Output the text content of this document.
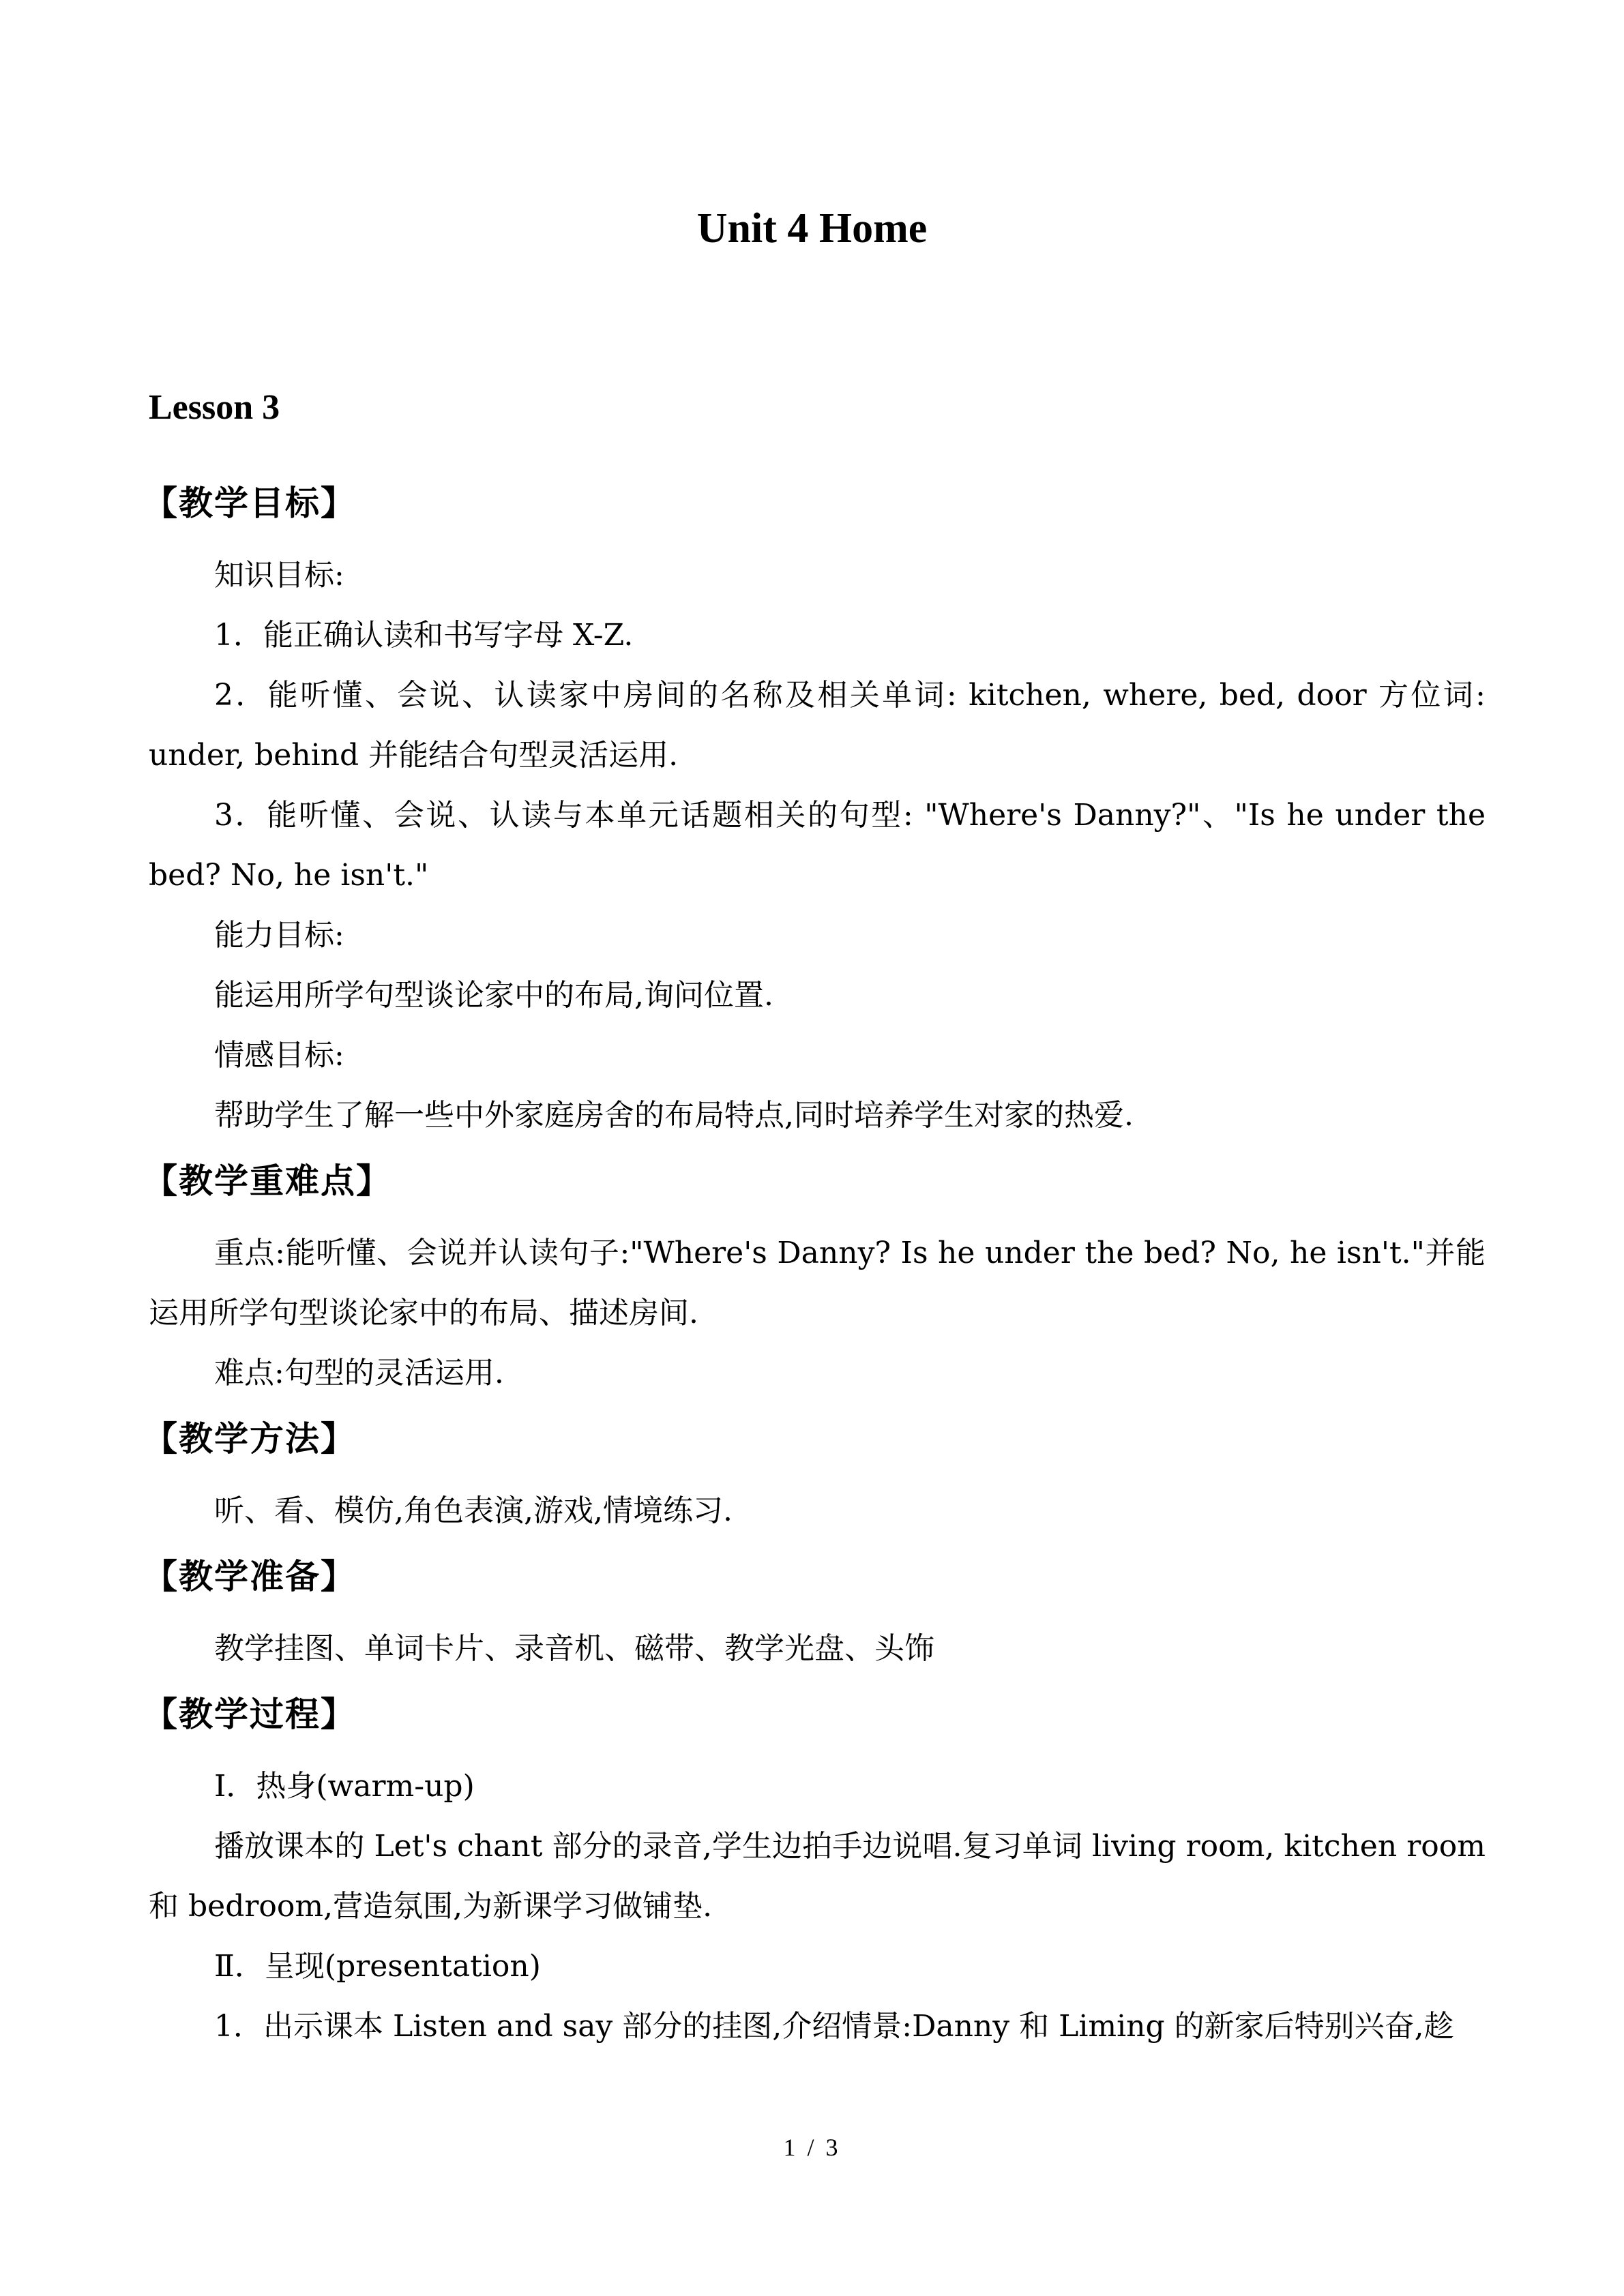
Unit 4 Home
Lesson 3
【教学目标】

知识目标:

1．能正确认读和书写字母 X-Z.

2．能听懂、会说、认读家中房间的名称及相关单词: kitchen, where, bed, door 方位词: under, behind 并能结合句型灵活运用.

3．能听懂、会说、认读与本单元话题相关的句型: "Where's Danny?"、"Is he under the bed? No, he isn't."

能力目标:

能运用所学句型谈论家中的布局,询问位置.

情感目标:

帮助学生了解一些中外家庭房舍的布局特点,同时培养学生对家的热爱.

【教学重难点】

重点:能听懂、会说并认读句子:"Where's Danny? Is he under the bed? No, he isn't."并能运用所学句型谈论家中的布局、描述房间.

难点:句型的灵活运用.

【教学方法】

听、看、模仿,角色表演,游戏,情境练习.

【教学准备】

教学挂图、单词卡片、录音机、磁带、教学光盘、头饰

【教学过程】

Ⅰ．热身(warm-up)

播放课本的 Let's chant 部分的录音,学生边拍手边说唱.复习单词 living room, kitchen room 和 bedroom,营造氛围,为新课学习做铺垫.

Ⅱ．呈现(presentation)

1．出示课本 Listen and say 部分的挂图,介绍情景:Danny 和 Liming 的新家后特别兴奋,趁

1 / 3
